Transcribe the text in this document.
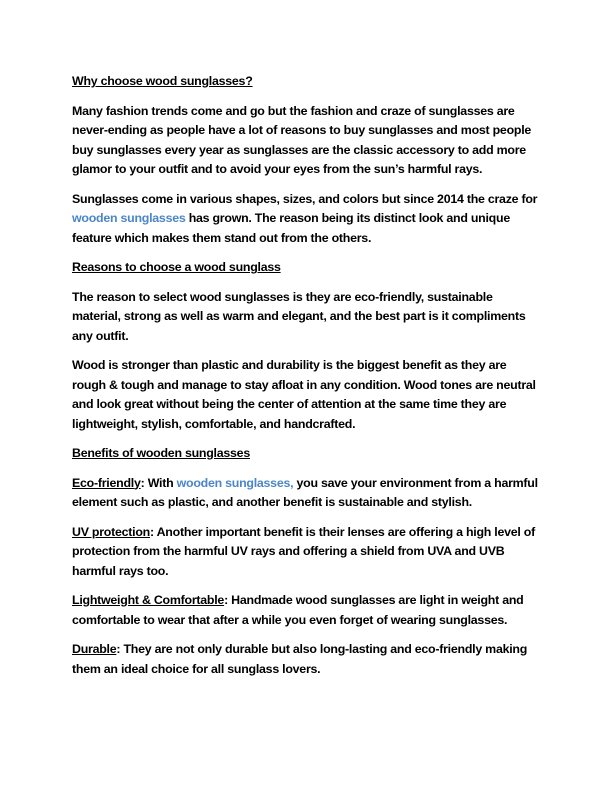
Why choose wood sunglasses?

Many fashion trends come and go but the fashion and craze of sunglasses are never-ending as people have a lot of reasons to buy sunglasses and most people buy sunglasses every year as sunglasses are the classic accessory to add more glamor to your outfit and to avoid your eyes from the sun’s harmful rays.

Sunglasses come in various shapes, sizes, and colors but since 2014 the craze for wooden sunglasses has grown. The reason being its distinct look and unique feature which makes them stand out from the others.

Reasons to choose a wood sunglass

The reason to select wood sunglasses is they are eco-friendly, sustainable material, strong as well as warm and elegant, and the best part is it compliments any outfit.

Wood is stronger than plastic and durability is the biggest benefit as they are rough & tough and manage to stay afloat in any condition. Wood tones are neutral and look great without being the center of attention at the same time they are lightweight, stylish, comfortable, and handcrafted.

Benefits of wooden sunglasses

Eco-friendly: With wooden sunglasses, you save your environment from a harmful element such as plastic, and another benefit is sustainable and stylish.

UV protection: Another important benefit is their lenses are offering a high level of protection from the harmful UV rays and offering a shield from UVA and UVB harmful rays too.

Lightweight & Comfortable: Handmade wood sunglasses are light in weight and comfortable to wear that after a while you even forget of wearing sunglasses.

Durable: They are not only durable but also long-lasting and eco-friendly making them an ideal choice for all sunglass lovers.
